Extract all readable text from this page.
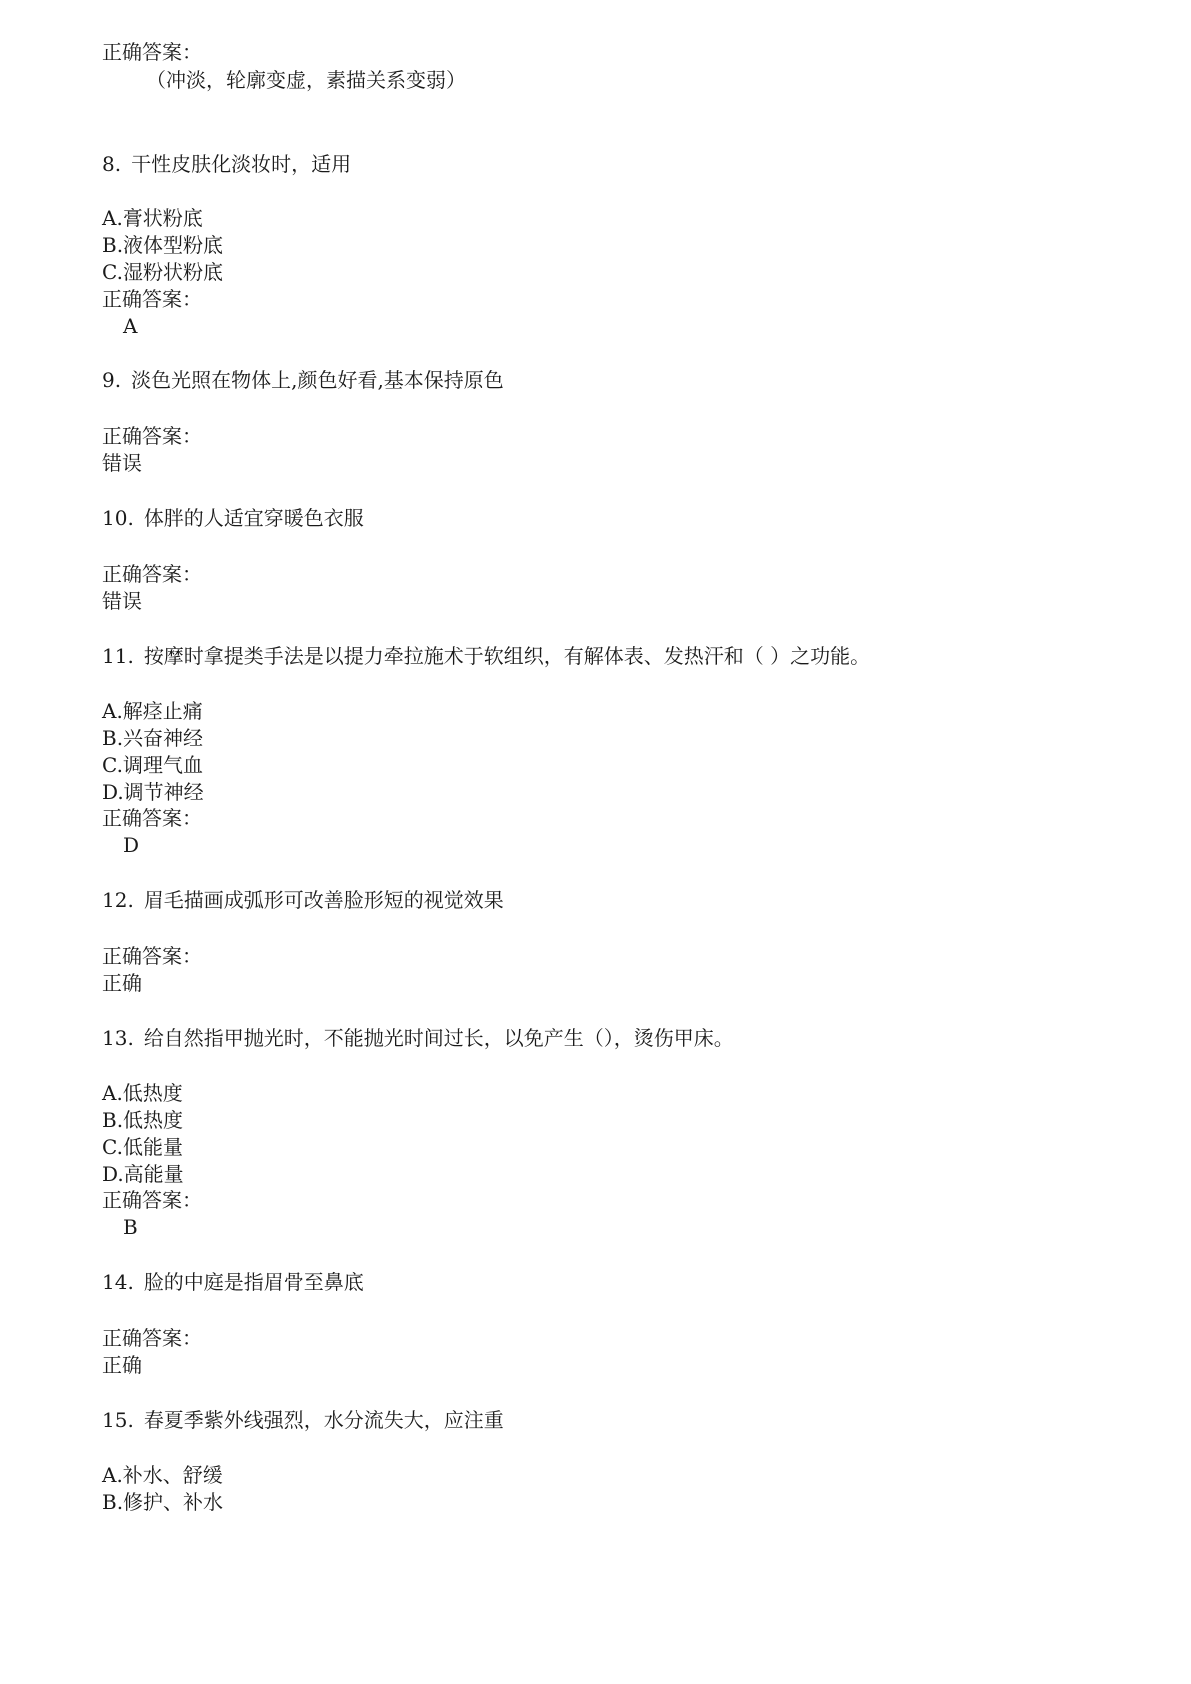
正确答案：
（冲淡，轮廓变虚，素描关系变弱）
8. 干性皮肤化淡妆时，适用
A.膏状粉底
B.液体型粉底
C.湿粉状粉底
正确答案：
A
9. 淡色光照在物体上,颜色好看,基本保持原色
正确答案：
错误
10. 体胖的人适宜穿暖色衣服
正确答案：
错误
11. 按摩时拿提类手法是以提力牵拉施术于软组织，有解体表、发热汗和（ ）之功能。
A.解痉止痛
B.兴奋神经
C.调理气血
D.调节神经
正确答案：
D
12. 眉毛描画成弧形可改善脸形短的视觉效果
正确答案：
正确
13. 给自然指甲抛光时，不能抛光时间过长，以免产生（），烫伤甲床。
A.低热度
B.低热度
C.低能量
D.高能量
正确答案：
B
14. 脸的中庭是指眉骨至鼻底
正确答案：
正确
15. 春夏季紫外线强烈，水分流失大，应注重
A.补水、舒缓
B.修护、补水
